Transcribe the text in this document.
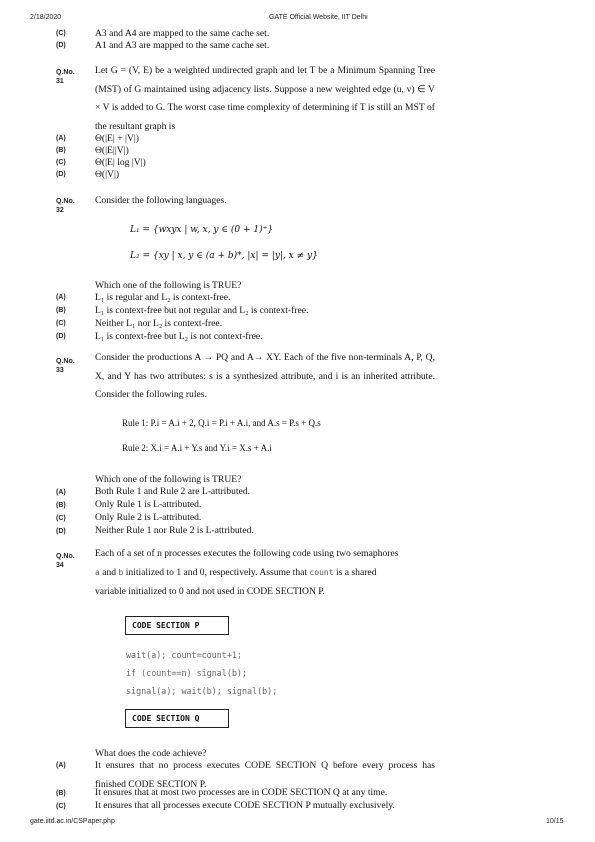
2/18/2020	GATE Official Website, IIT Delhi
(C)	A3 and A4 are mapped to the same cache set.
(D)	A1 and A3 are mapped to the same cache set.
Q.No.
31
Let G = (V, E) be a weighted undirected graph and let T be a Minimum Spanning Tree (MST) of G maintained using adjacency lists. Suppose a new weighted edge (u, v) ∈ V × V is added to G. The worst case time complexity of determining if T is still an MST of the resultant graph is
(A)	Θ(|E| + |V|)
(B)	Θ(|E||V|)
(C)	Θ(|E| log |V|)
(D)	Θ(|V|)
Q.No.
32
Consider the following languages.
L₁ = {wxyx | w, x, y ∈ (0 + 1)⁺}
L₂ = {xy | x, y ∈ (a + b)*, |x| = |y|, x ≠ y}
Which one of the following is TRUE?
(A)	L₁ is regular and L₂ is context-free.
(B)	L₁ is context-free but not regular and L₂ is context-free.
(C)	Neither L₁ nor L₂ is context-free.
(D)	L₁ is context-free but L₂ is not context-free.
Q.No.
33
Consider the productions A → PQ and A→ XY. Each of the five non-terminals A, P, Q, X, and Y has two attributes: s is a synthesized attribute, and i is an inherited attribute. Consider the following rules.
Rule 1: P.i = A.i + 2, Q.i = P.i + A.i, and A.s = P.s + Q.s
Rule 2: X.i = A.i + Y.s and Y.i = X.s + A.i
Which one of the following is TRUE?
(A)	Both Rule 1 and Rule 2 are L-attributed.
(B)	Only Rule 1 is L-attributed.
(C)	Only Rule 2 is L-attributed.
(D)	Neither Rule 1 nor Rule 2 is L-attributed.
Q.No.
34
Each of a set of n processes executes the following code using two semaphores
a and b initialized to 1 and 0, respectively. Assume that count is a shared
variable initialized to 0 and not used in CODE SECTION P.
CODE SECTION P
wait(a); count=count+1;
if (count==n) signal(b);
signal(a); wait(b); signal(b);
CODE SECTION Q
What does the code achieve?
(A)	It ensures that no process executes CODE SECTION Q before every process has finished CODE SECTION P.
(B)	It ensures that at most two processes are in CODE SECTION Q at any time.
(C)	It ensures that all processes execute CODE SECTION P mutually exclusively.
gate.iitd.ac.in/CSPaper.php	10/15
